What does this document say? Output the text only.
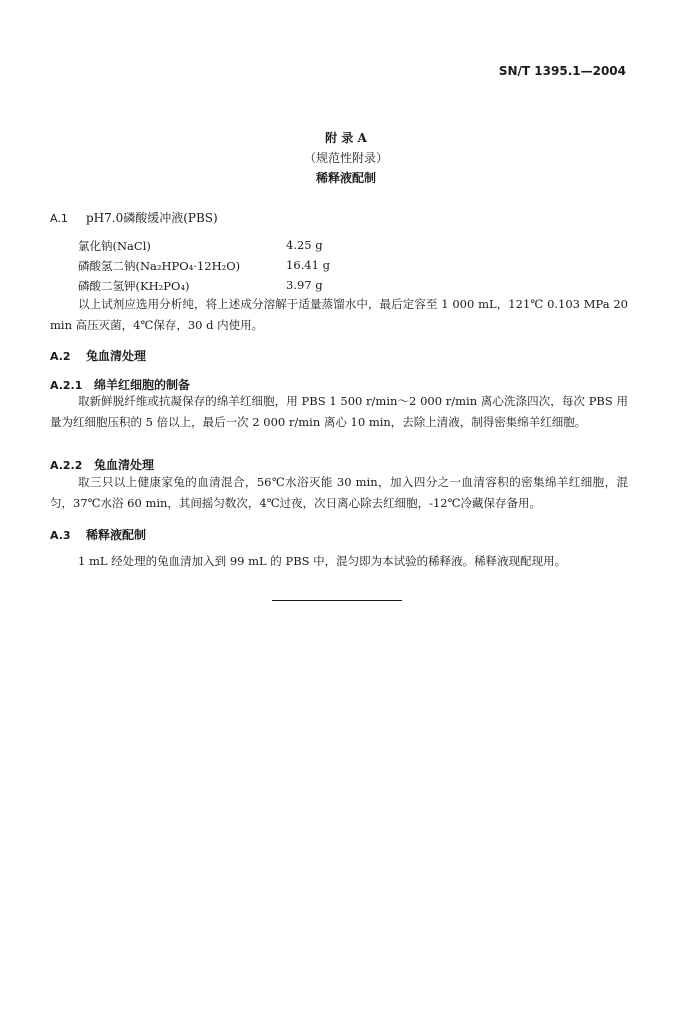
SN/T 1395.1—2004
附 录 A
（规范性附录）
稀释液配制
A.1 pH7.0磷酸缓冲液(PBS)
氯化钠(NaCl)	4.25 g
磷酸氢二钠(Na₂HPO₄·12H₂O)	16.41 g
磷酸二氢钾(KH₂PO₄)	3.97 g

以上试剂应选用分析纯，将上述成分溶解于适量蒸馏水中，最后定容至 1 000 mL，121℃ 0.103 MPa 20 min 高压灭菌，4℃保存，30 d 内使用。

A.2 兔血清处理
A.2.1 绵羊红细胞的制备

取新鲜脱纤维或抗凝保存的绵羊红细胞，用 PBS 1 500 r/min～2 000 r/min 离心洗涤四次，每次 PBS 用量为红细胞压积的 5 倍以上，最后一次 2 000 r/min 离心 10 min，去除上清液，制得密集绵羊红细胞。

A.2.2 兔血清处理

取三只以上健康家兔的血清混合，56℃水浴灭能 30 min，加入四分之一血清容积的密集绵羊红细胞，混匀，37℃水浴 60 min，其间摇匀数次，4℃过夜，次日离心除去红细胞，-12℃冷藏保存备用。

A.3 稀释液配制

1 mL 经处理的兔血清加入到 99 mL 的 PBS 中，混匀即为本试验的稀释液。稀释液现配现用。
